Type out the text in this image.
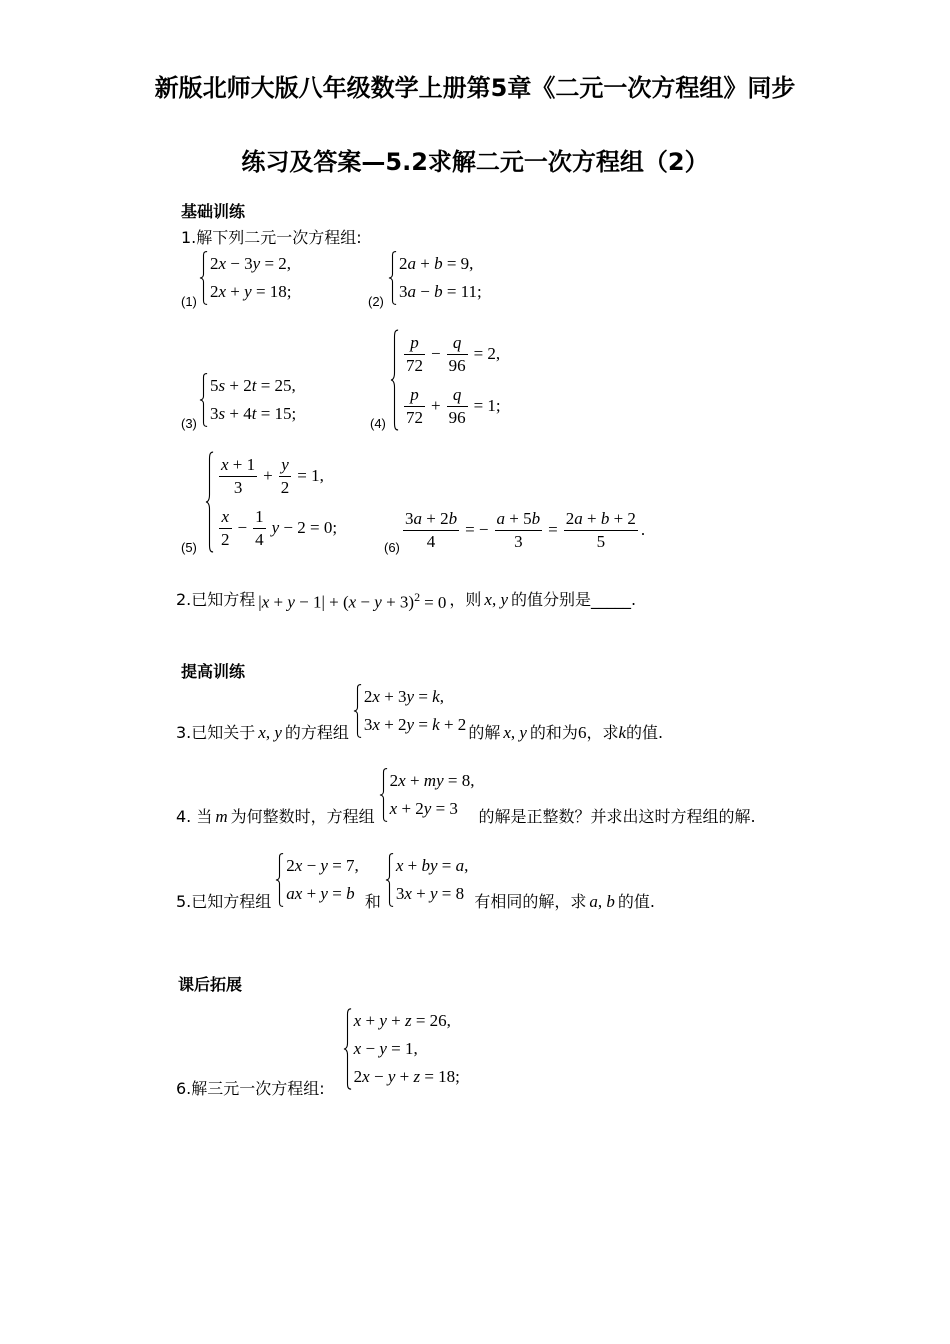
新版北师大版八年级数学上册第5章《二元一次方程组》同步
练习及答案—5.2求解二元一次方程组（2）
基础训练
1.解下列二元一次方程组:
(1)
2x − 3y = 2,
2x + y = 18;
(2)
2a + b = 9,
3a − b = 11;
(3)
5s + 2t = 25,
3s + 4t = 15;
(4)
$\frac{p}{72} - \frac{q}{96} = 2$,
$\frac{p}{72} + \frac{q}{96} = 1$;
(5)
$\frac{x + 1}{3} + \frac{y}{2} = 1$,
$\frac{x}{2} - \frac{1}{4}$ y − 2 = 0;
$(6) \frac{3a + 2b}{4}$ = − $\frac{a + 5b}{3} = \frac{2a + b + 2}{5}$ .
2.已知方程 $|x + y - 1| + (x - y + 3)^2 = 0$ ，则 x, y 的值分别是 _____ .
提高训练
3.已知关于 x, y 的方程组
2x + 3y = k,
3x + 2y = k + 2 的解 x, y 的和为 6 ，求 k 的值.
4. 当 m 为何整数时，方程组
2x + my = 8,
x + 2y = 3	的解是正整数？并求出这时方程组的解.
5.已知方程组
2x − y = 7,
ax + y = b 和
x + by = a,
3x + y = 8 有相同的解，求 a, b 的值.
课后拓展
6.解三元一次方程组:
x + y + z = 26,
x − y = 1,
2x − y + z = 18;
